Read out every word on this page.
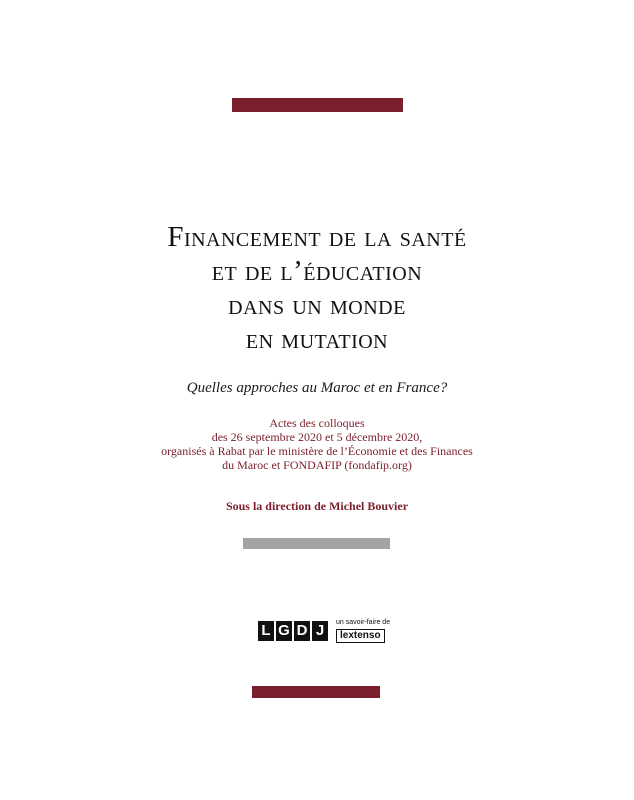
Financement de la santé
et de l’éducation
dans un monde
en mutation
Quelles approches au Maroc et en France?
Actes des colloques
des 26 septembre 2020 et 5 décembre 2020,
organisés à Rabat par le ministère de l’Économie et des Finances
du Maroc et FONDAFIP (fondafip.org)
Sous la direction de Michel Bouvier
L G D J	un savoir-faire de
lextenso
